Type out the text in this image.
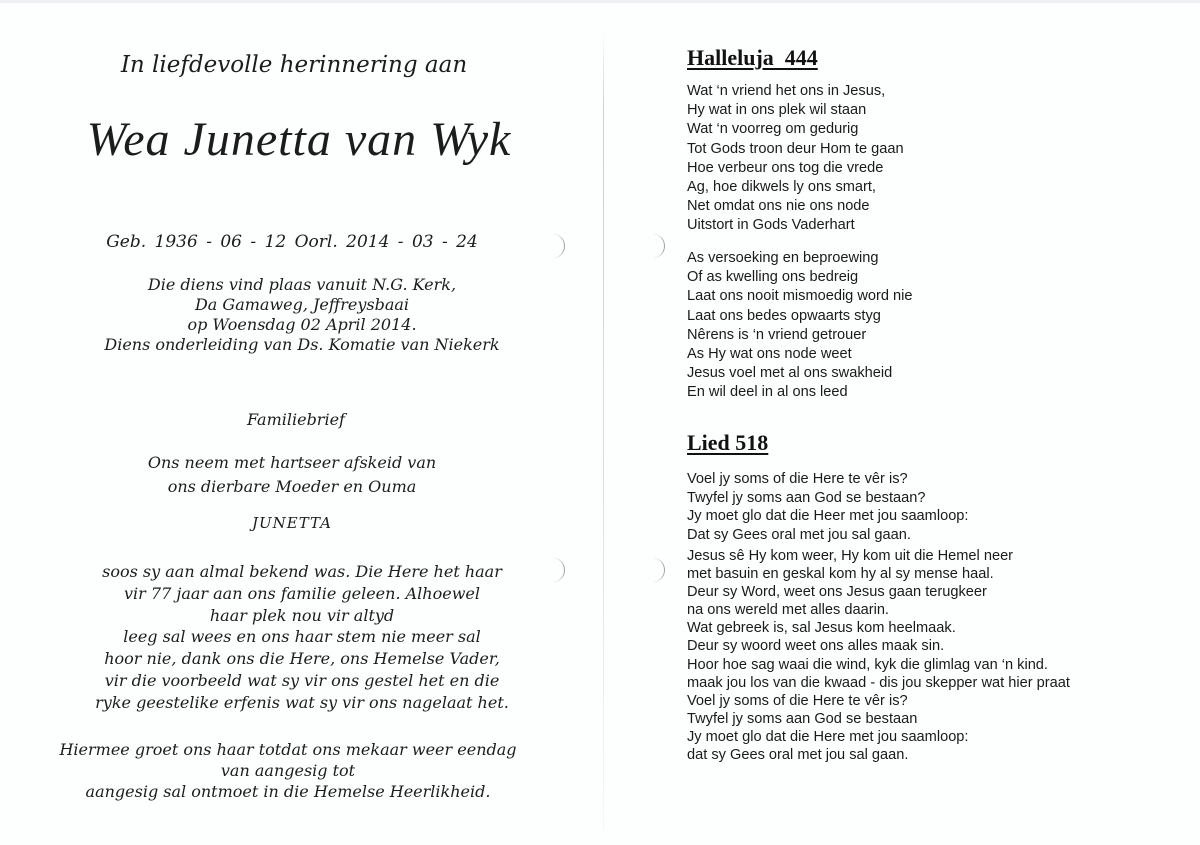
In liefdevolle herinnering aan
Wea Junetta van Wyk
Geb. 1936 - 06 - 12 Oorl. 2014 - 03 - 24
Die diens vind plaas vanuit N.G. Kerk,
Da Gamaweg, Jeffreysbaai
op Woensdag 02 April 2014.
Diens onderleiding van Ds. Komatie van Niekerk
Familiebrief
Ons neem met hartseer afskeid van
ons dierbare Moeder en Ouma
JUNETTA
soos sy aan almal bekend was. Die Here het haar
vir 77 jaar aan ons familie geleen. Alhoewel
haar plek nou vir altyd
leeg sal wees en ons haar stem nie meer sal
hoor nie, dank ons die Here, ons Hemelse Vader,
vir die voorbeeld wat sy vir ons gestel het en die
ryke geestelike erfenis wat sy vir ons nagelaat het.
Hiermee groet ons haar totdat ons mekaar weer eendag
van aangesig tot
aangesig sal ontmoet in die Hemelse Heerlikheid.
Halleluja  444
Wat ‘n vriend het ons in Jesus,
Hy wat in ons plek wil staan
Wat ‘n voorreg om gedurig
Tot Gods troon deur Hom te gaan
Hoe verbeur ons tog die vrede
Ag, hoe dikwels ly ons smart,
Net omdat ons nie ons node
Uitstort in Gods Vaderhart
As versoeking en beproewing
Of as kwelling ons bedreig
Laat ons nooit mismoedig word nie
Laat ons bedes opwaarts styg
Nêrens is ‘n vriend getrouer
As Hy wat ons node weet
Jesus voel met al ons swakheid
En wil deel in al ons leed
Lied 518
Voel jy soms of die Here te vêr is?
Twyfel jy soms aan God se bestaan?
Jy moet glo dat die Heer met jou saamloop:
Dat sy Gees oral met jou sal gaan.
Jesus sê Hy kom weer, Hy kom uit die Hemel neer
met basuin en geskal kom hy al sy mense haal.
Deur sy Word, weet ons Jesus gaan terugkeer
na ons wereld met alles daarin.
Wat gebreek is, sal Jesus kom heelmaak.
Deur sy woord weet ons alles maak sin.
Hoor hoe sag waai die wind, kyk die glimlag van ‘n kind.
maak jou los van die kwaad - dis jou skepper wat hier praat
Voel jy soms of die Here te vêr is?
Twyfel jy soms aan God se bestaan
Jy moet glo dat die Here met jou saamloop:
dat sy Gees oral met jou sal gaan.
